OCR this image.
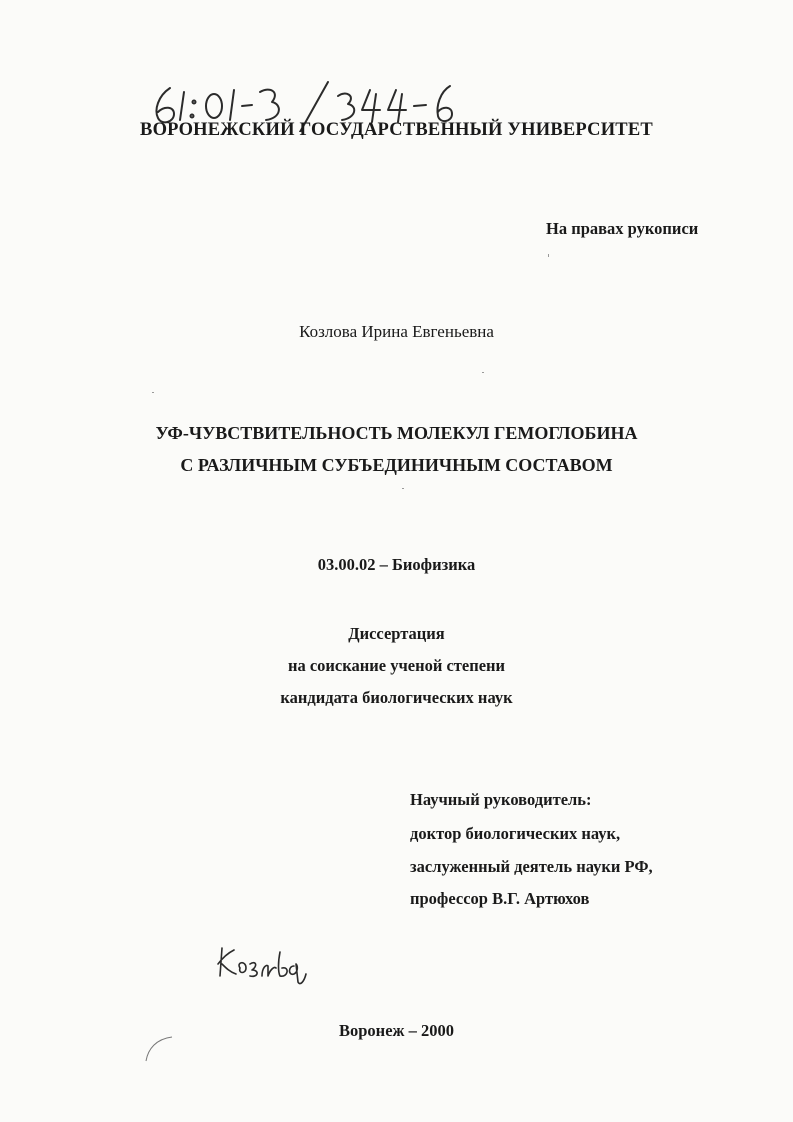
ВОРОНЕЖСКИЙ ГОСУДАРСТВЕННЫЙ УНИВЕРСИТЕТ
На правах рукописи
Козлова Ирина Евгеньевна
УФ-ЧУВСТВИТЕЛЬНОСТЬ МОЛЕКУЛ ГЕМОГЛОБИНА
С РАЗЛИЧНЫМ СУБЪЕДИНИЧНЫМ СОСТАВОМ
03.00.02 – Биофизика
Диссертация
на соискание ученой степени
кандидата биологических наук
Научный руководитель:
доктор биологических наук,
заслуженный деятель науки РФ,
профессор В.Г. Артюхов
Воронеж – 2000
